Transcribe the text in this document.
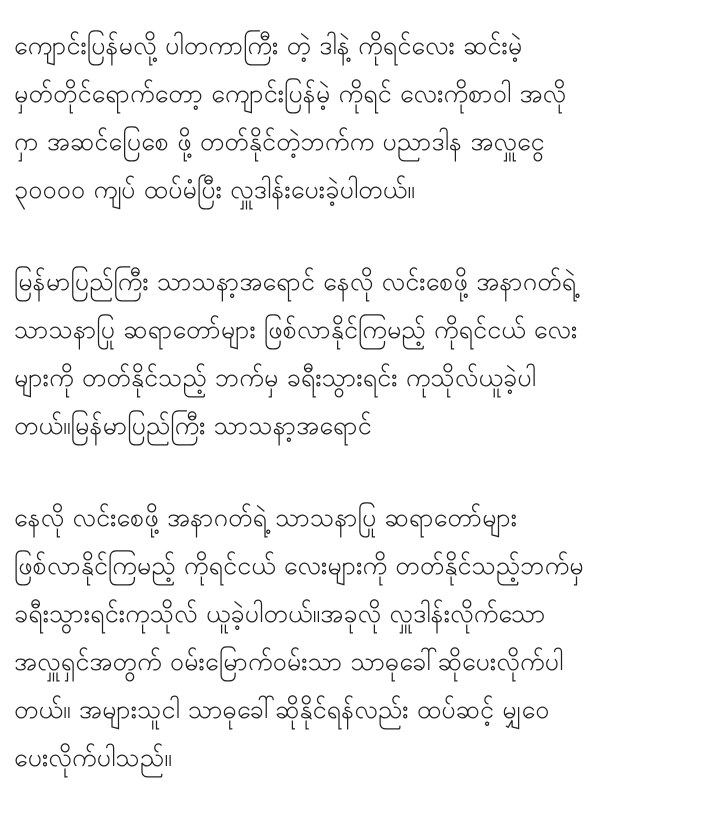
ကျောင်းပြန်မလို့ ပါတကာကြီး တဲ့ ဒါနဲ့ ကိုရင်လေး ဆင်းမဲ့
မှတ်တိုင်ရောက်တော့ ကျောင်းပြန်မဲ့ ကိုရင် လေးကိုစာဝါ အလို
ဂှာ အဆင်ပြေစေ ဖို့ တတ်နိုင်တဲ့ဘက်က ပညာဒါန အလှူငွေ
၃၀၀၀၀ ကျပ် ထပ်မံပြီး လှူဒါန်းပေးခဲ့ပါတယ်။
မြန်မာပြည်ကြီး သာသနာ့အရောင် နေလို လင်းစေဖို့ အနာဂတ်ရဲ့
သာသနာပြု ဆရာတော်များ ဖြစ်လာနိုင်ကြမည့် ကိုရင်ငယ် လေး
များကို တတ်နိုင်သည့် ဘက်မှ ခရီးသွားရင်း ကုသိုလ်ယူခဲ့ပါ
တယ်။မြန်မာပြည်ကြီး သာသနာ့အရောင်
နေလို လင်းစေဖို့ အနာဂတ်ရဲ့ သာသနာပြု ဆရာတော်များ
ဖြစ်လာနိုင်ကြမည့် ကိုရင်ငယ် လေးများကို တတ်နိုင်သည့်ဘက်မှ
ခရီးသွားရင်းကုသိုလ် ယူခဲ့ပါတယ်။အခုလို လှူဒါန်းလိုက်သော
အလှူရှင်အတွက် ဝမ်းမြောက်ဝမ်းသာ သာဓုခေါ်ဆိုပေးလိုက်ပါ
တယ်။ အများသူငါ သာဓုခေါ်ဆိုနိုင်ရန်လည်း ထပ်ဆင့် မျှဝေ
ပေးလိုက်ပါသည်။
